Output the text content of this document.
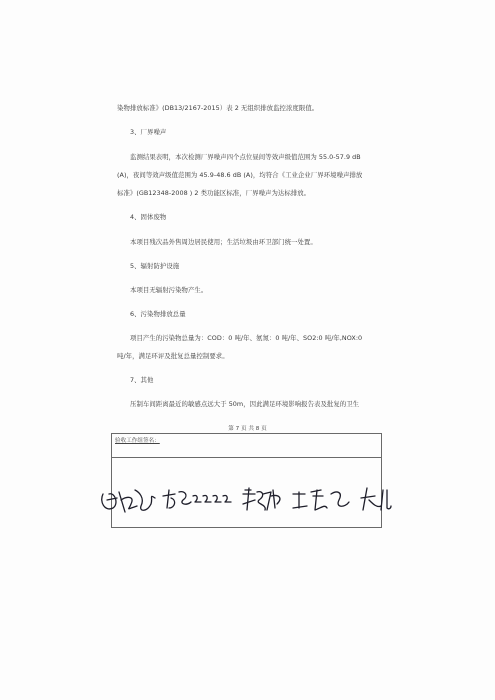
染物排放标准》(DB13/2167-2015）表 2 无组织排放监控浓度限值。
3、厂界噪声
监测结果表明，本次检测厂界噪声四个点位昼间等效声级值范围为 55.0-57.9 dB
(A)，夜间等效声级值范围为 45.9-48.6 dB (A)，均符合《工业企业厂界环境噪声排放
标准》(GB12348-2008 ) 2 类功能区标准，厂界噪声为达标排放。
4、固体废物
本项目残次品外售周边居民使用；生活垃圾由环卫部门统一处置。
5、辐射防护设施
本项目无辐射污染物产生。
6、污染物排放总量
项目产生的污染物总量为：COD：0 吨/年、氨氮：0 吨/年、SO2:0 吨/年,NOX:0
吨/年，满足环评及批复总量控制要求。
7、其他
压制车间距离最近的敏感点远大于 50m，因此满足环境影响报告表及批复的卫生
第 7 页 共 8 页
验收工作组签名：
